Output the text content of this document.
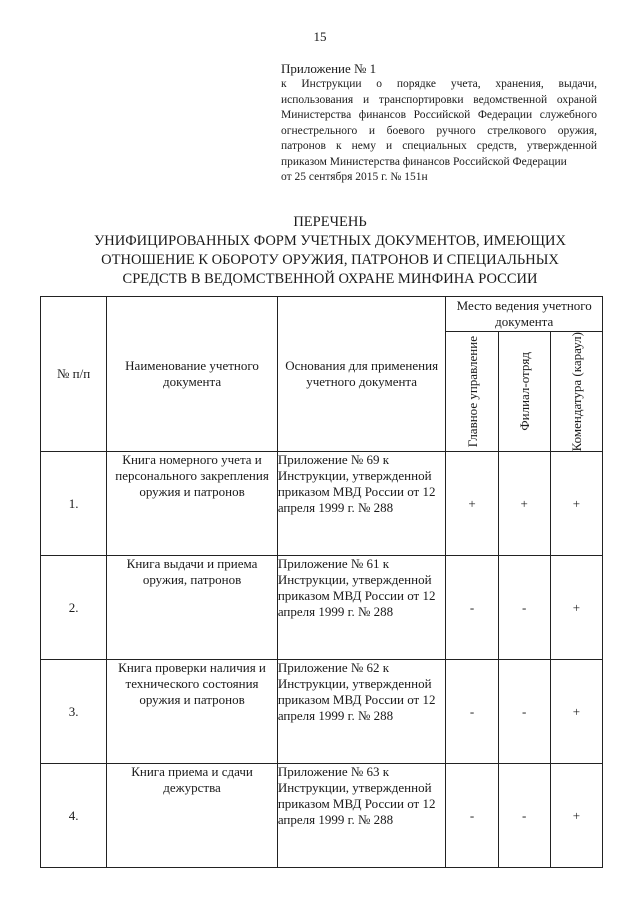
15
Приложение № 1
к Инструкции о порядке учета, хранения, выдачи, использования и транспортировки ведомственной охраной Министерства финансов Российской Федерации служебного огнестрельного и боевого ручного стрелкового оружия, патронов к нему и специальных средств, утвержденной приказом Министерства финансов Российской Федерации
от 25 сентября 2015 г. № 151н
ПЕРЕЧЕНЬ
УНИФИЦИРОВАННЫХ ФОРМ УЧЕТНЫХ ДОКУМЕНТОВ, ИМЕЮЩИХ
ОТНОШЕНИЕ К ОБОРОТУ ОРУЖИЯ, ПАТРОНОВ И СПЕЦИАЛЬНЫХ
СРЕДСТВ В ВЕДОМСТВЕННОЙ ОХРАНЕ МИНФИНА РОССИИ
№ п/п	Наименование учетного документа	Основания для применения учетного документа	Место ведения учетного документа		

			Главное управление	Филиал-отряд	Комендатура (караул)

1.	Книга номерного учета и персонального закрепления оружия и патронов	Приложение № 69 к Инструкции, утвержденной приказом МВД России от 12 апреля 1999 г. № 288	+	+	+
2.	Книга выдачи и приема оружия, патронов	Приложение № 61 к Инструкции, утвержденной приказом МВД России от 12 апреля 1999 г. № 288	-	-	+
3.	Книга проверки наличия и технического состояния оружия и патронов	Приложение № 62 к Инструкции, утвержденной приказом МВД России от 12 апреля 1999 г. № 288	-	-	+
4.	Книга приема и сдачи дежурства	Приложение № 63 к Инструкции, утвержденной приказом МВД России от 12 апреля 1999 г. № 288	-	-	+
